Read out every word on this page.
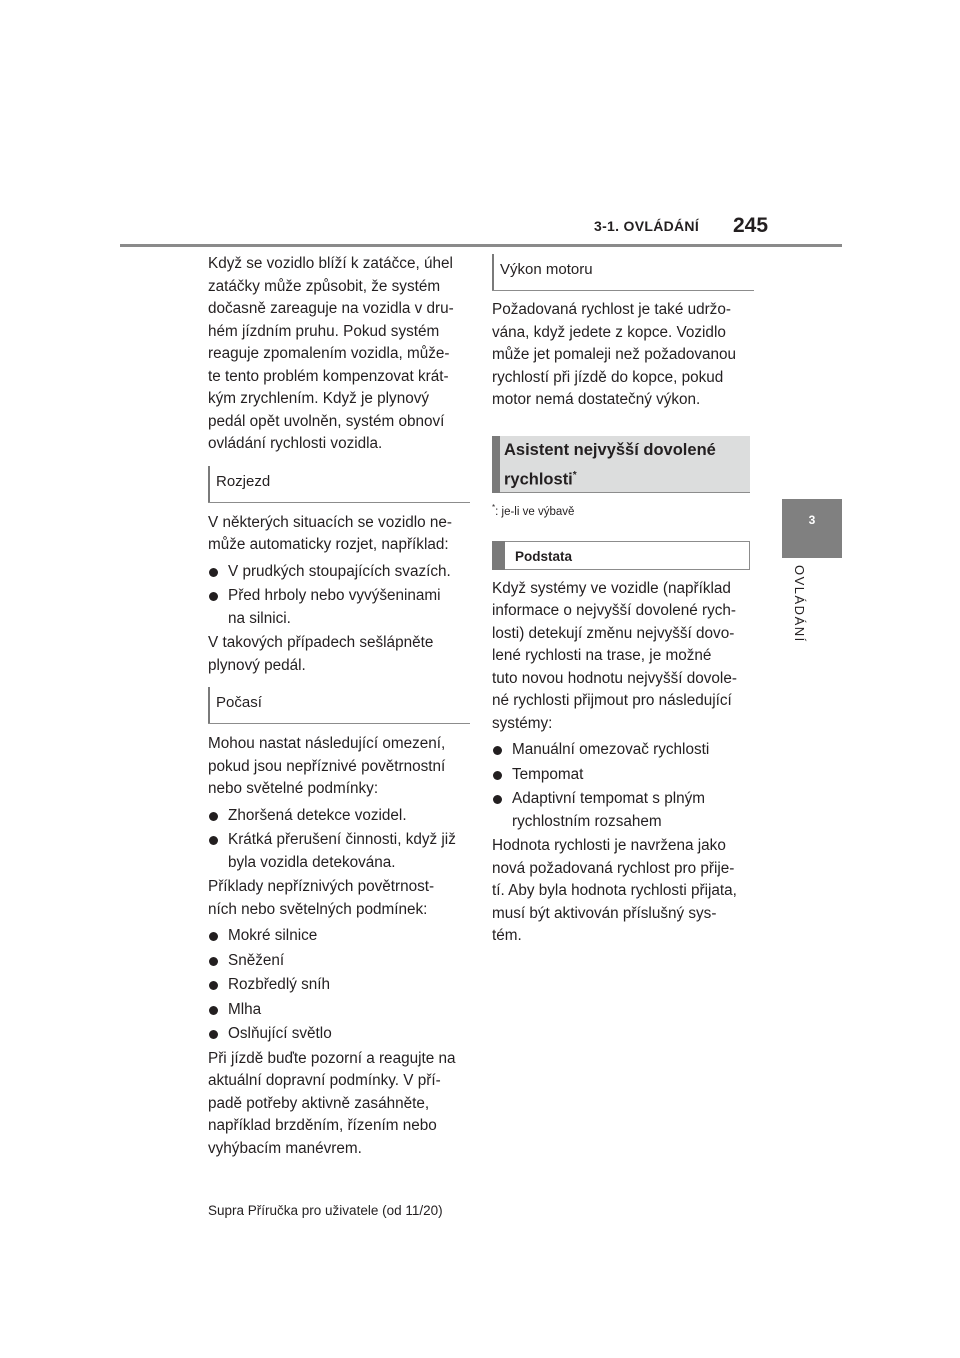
3-1. OVLÁDÁNÍ 245
3
OVLÁDÁNÍ

Když se vozidlo blíží k zatáčce, úhel
zatáčky může způsobit, že systém
dočasně zareaguje na vozidla v dru-
hém jízdním pruhu. Pokud systém
reaguje zpomalením vozidla, může-
te tento problém kompenzovat krát-
kým zrychlením. Když je plynový
pedál opět uvolněn, systém obnoví
ovládání rychlosti vozidla.

Rozjezd

V některých situacích se vozidlo ne-
může automaticky rozjet, například:

V prudkých stoupajících svazích.
Před hrboly nebo vyvýšeninami
na silnici.

V takových případech sešlápněte
plynový pedál.

Počasí

Mohou nastat následující omezení,
pokud jsou nepříznivé povětrnostní
nebo světelné podmínky:

Zhoršená detekce vozidel.
Krátká přerušení činnosti, když již
byla vozidla detekována.

Příklady nepříznivých povětrnost-
ních nebo světelných podmínek:

Mokré silnice
Sněžení
Rozbředlý sníh
Mlha
Oslňující světlo

Při jízdě buďte pozorní a reagujte na
aktuální dopravní podmínky. V pří-
padě potřeby aktivně zasáhněte,
například brzděním, řízením nebo
vyhýbacím manévrem.

Výkon motoru

Požadovaná rychlost je také udržo-
vána, když jedete z kopce. Vozidlo
může jet pomaleji než požadovanou
rychlostí při jízdě do kopce, pokud
motor nemá dostatečný výkon.

Asistent nejvyšší dovolené
rychlosti*
*: je-li ve výbavě
Podstata

Když systémy ve vozidle (například
informace o nejvyšší dovolené rych-
losti) detekují změnu nejvyšší dovo-
lené rychlosti na trase, je možné
tuto novou hodnotu nejvyšší dovole-
né rychlosti přijmout pro následující
systémy:

Manuální omezovač rychlosti
Tempomat
Adaptivní tempomat s plným
rychlostním rozsahem

Hodnota rychlosti je navržena jako
nová požadovaná rychlost pro přije-
tí. Aby byla hodnota rychlosti přijata,
musí být aktivován příslušný sys-
tém.

Supra Příručka pro uživatele (od 11/20)
